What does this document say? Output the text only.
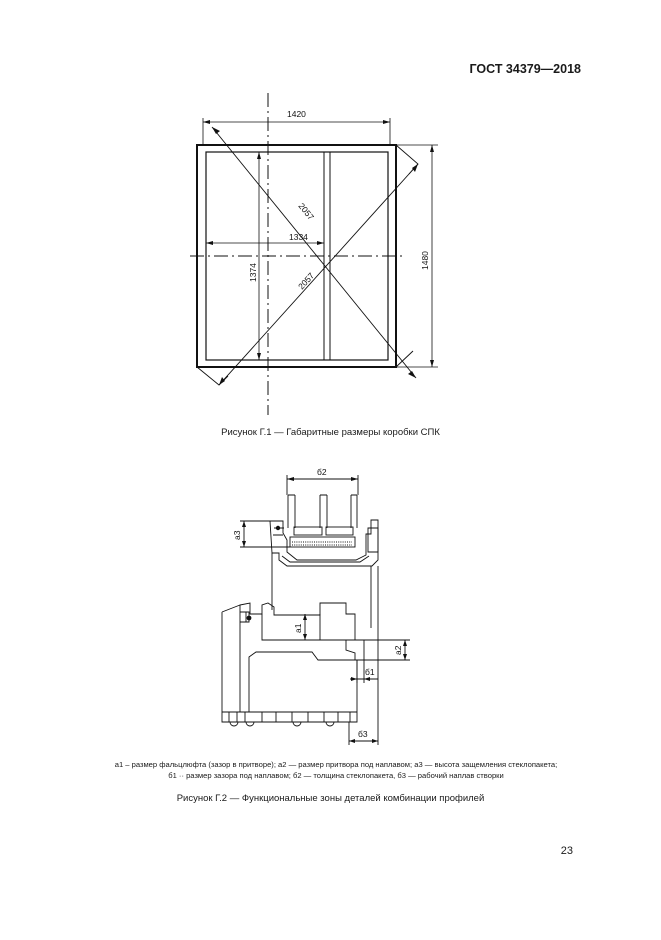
ГОСТ 34379—2018
1420
1334
1480
1374
2057
2057
Рисунок Г.1 — Габаритные размеры коробки СПК
б2
а3
а1
а2
б1
б3
а1 – размер фальцлюфта (зазор в притворе); а2 — размер притвора под наплавом; а3 — высота защемления стеклопакета;
б1 ·· размер зазора под наплавом; б2 — толщина стеклопакета, б3 — рабочий наплав створки
Рисунок Г.2 — Функциональные зоны деталей комбинации профилей
23
